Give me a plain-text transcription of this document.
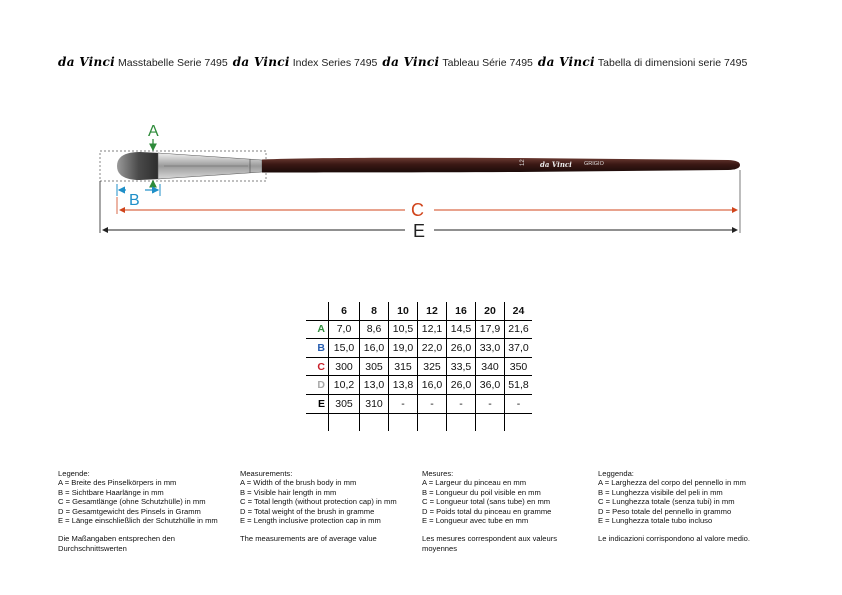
da Vinci Masstabelle Serie 7495 da Vinci Index Series 7495 da Vinci Tableau Série 7495 da Vinci Tabella di dimensioni serie 7495
12 da Vinci GRIGIO
A
B	C
E
	6	8	10	12	16	20	24
A	7,0	8,6	10,5	12,1	14,5	17,9	21,6
B	15,0	16,0	19,0	22,0	26,0	33,0	37,0
C	300	305	315	325	33,5	340	350
D	10,2	13,0	13,8	16,0	26,0	36,0	51,8
E	305	310	-	-	-	-	-

Legende:
A = Breite des Pinselkörpers in mm
B = Sichtbare Haarlänge in mm
C = Gesamtlänge (ohne Schutzhülle) in mm
D = Gesamtgewicht des Pinsels in Gramm
E = Länge einschließlich der Schutzhülle in mm
Die Maßangaben entsprechen den
Durchschnittswerten
Measurements:
A = Width of the brush body in mm
B = Visible hair length in mm
C = Total length (without protection cap) in mm
D = Total weight of the brush in gramme
E = Length inclusive protection cap in mm
The measurements are of average value
Mesures:
A = Largeur du pinceau en mm
B = Longueur du poil visible en mm
C = Longueur total (sans tube) en mm
D = Poids total du pinceau en gramme
E = Longueur avec tube en mm
Les mesures correspondent aux valeurs
moyennes
Leggenda:
A = Larghezza del corpo del pennello in mm
B = Lunghezza visibile del peli in mm
C = Lunghezza totale (senza tubi) in mm
D = Peso totale del pennello in grammo
E = Lunghezza totale tubo incluso
Le indicazioni corrispondono al valore medio.
